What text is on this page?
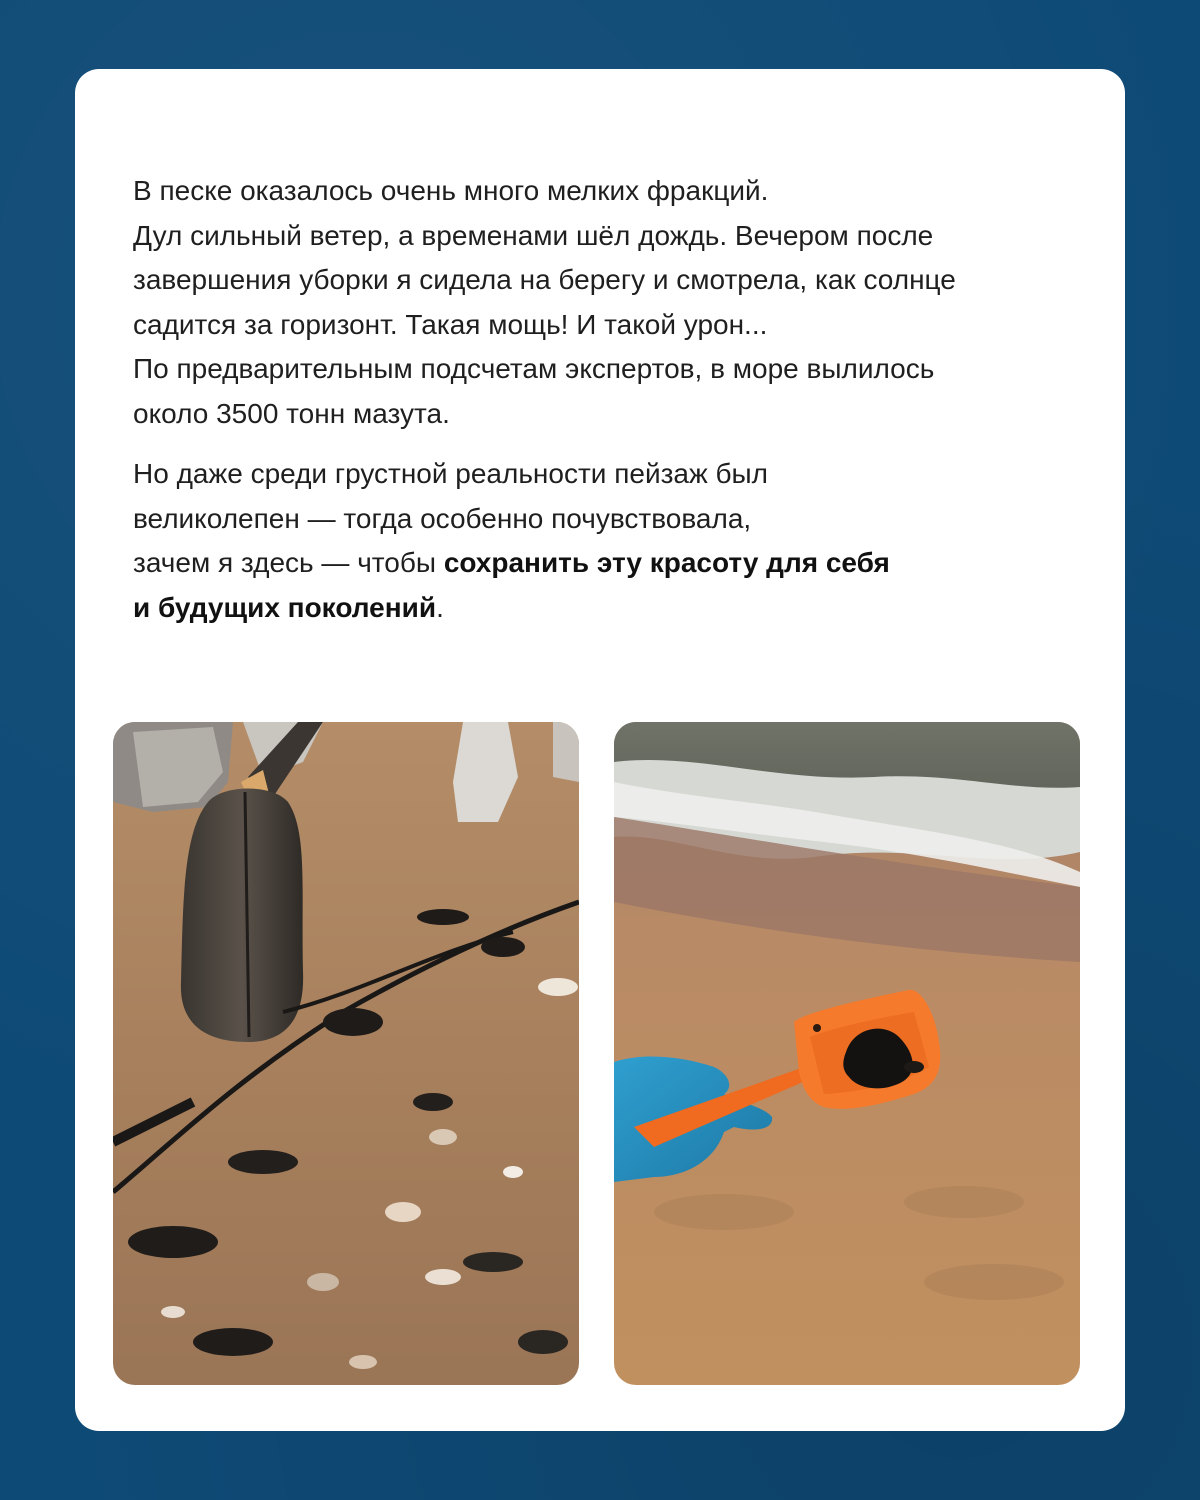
В песке оказалось очень много мелких фракций.
Дул сильный ветер, а временами шёл дождь. Вечером после
завершения уборки я сидела на берегу и смотрела, как солнце
садится за горизонт. Такая мощь! И такой урон...
По предварительным подсчетам экспертов, в море вылилось
около 3500 тонн мазута.

Но даже среди грустной реальности пейзаж был
великолепен — тогда особенно почувствовала,
зачем я здесь — чтобы сохранить эту красоту для себя
и будущих поколений.
